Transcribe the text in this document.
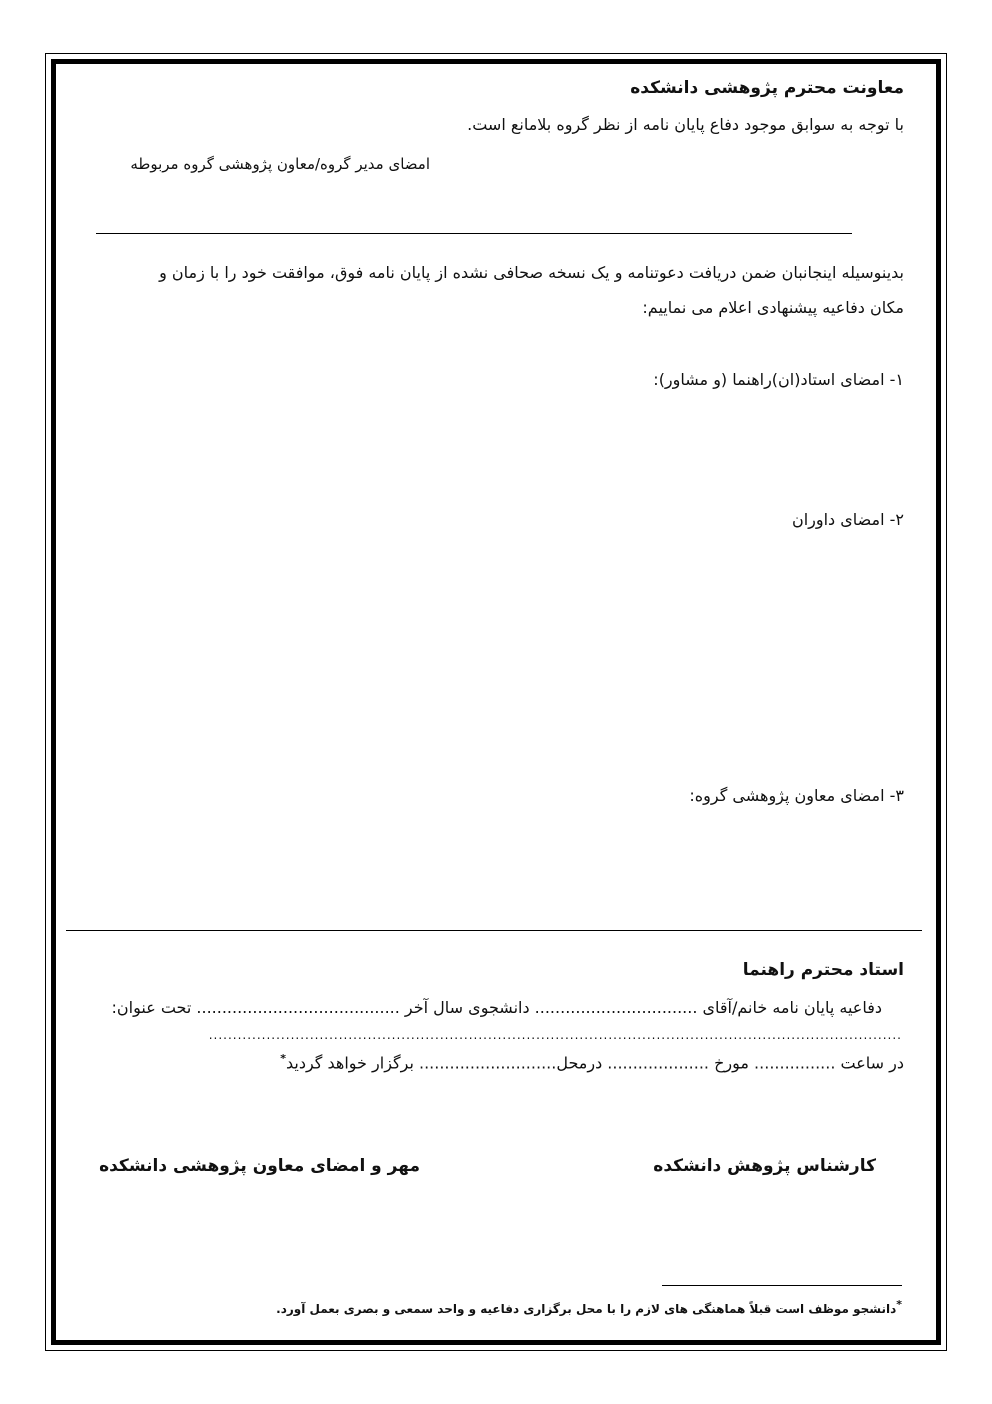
معاونت محترم پژوهشی دانشکده
با توجه به سوابق موجود دفاع پایان نامه از نظر گروه بلامانع است.
امضای مدیر گروه/معاون پژوهشی گروه مربوطه
بدینوسیله اینجانبان ضمن دریافت دعوتنامه و یک نسخه صحافی نشده از پایان نامه فوق، موافقت خود را با زمان و
مکان دفاعیه پیشنهادی اعلام می نماییم:
۱- امضای استاد(ان)راهنما (و مشاور):
۲- امضای داوران
۳- امضای معاون پژوهشی گروه:
استاد محترم راهنما
دفاعیه پایان نامه خانم/آقای ................................ دانشجوی سال آخر ........................................ تحت عنوان:
................................................................................................................................................
در ساعت ................ مورخ .................... درمحل........................... برگزار خواهد گردید*
کارشناس پژوهش دانشکده
مهر و امضای معاون پژوهشی دانشکده
*دانشجو موظف است قبلاً هماهنگی های لازم را با محل برگزاری دفاعیه و واحد سمعی و بصری بعمل آورد.
